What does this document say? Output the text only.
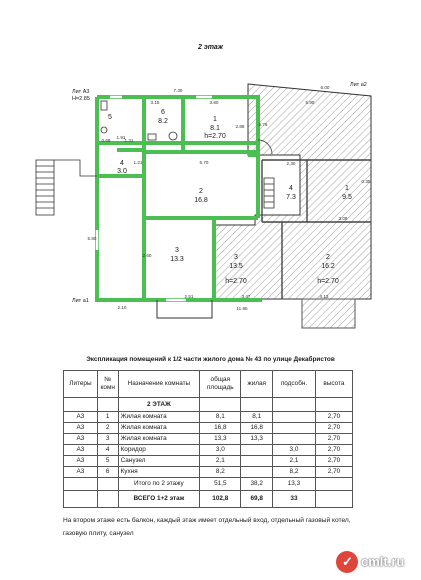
2 этаж
Лит А3
H=2.85
Лит а2
Лит а1
5
6
8.2	1
8.1
h=2.70
4
3.0
2
16.8
3
13.3	3
13.5
h=2.70
2
16.2
h=2.70
4
7.3
1
9.5
7.30
6.00
3.15	3.80	5.95
2.88	5.76
5.70	2.30
1.21
1.91
1.31
0.69
2.10
2.51
11.55
3.47	4.13
3.09
0.35
5.80
2.60
Экспликация помещений к 1/2 части жилого дома № 43 по улице Декабристов
Литеры	№ комн	Назначение комнаты	общая площадь	жилая	подсобн.	высота
		2 ЭТАЖ				
А3	1	Жилая комната	8,1	8,1		2,70
А3	2	Жилая комната	16,8	16,8		2,70
А3	3	Жилая комната	13,3	13,3		2,70
А3	4	Коридор	3,0		3,0	2,70
А3	5	Санузел	2,1		2,1	2,70
А3	6	Кухня	8,2		8,2	2,70
		Итого по 2 этажу	51,5	38,2	13,3	
		ВСЕГО 1+2 этаж	102,8	69,8	33	
На втором этаже есть балкон, каждый этаж имеет отдельный вход, отдельный газовый котел, газовую плиту, санузел
✓ cmlt.ru
